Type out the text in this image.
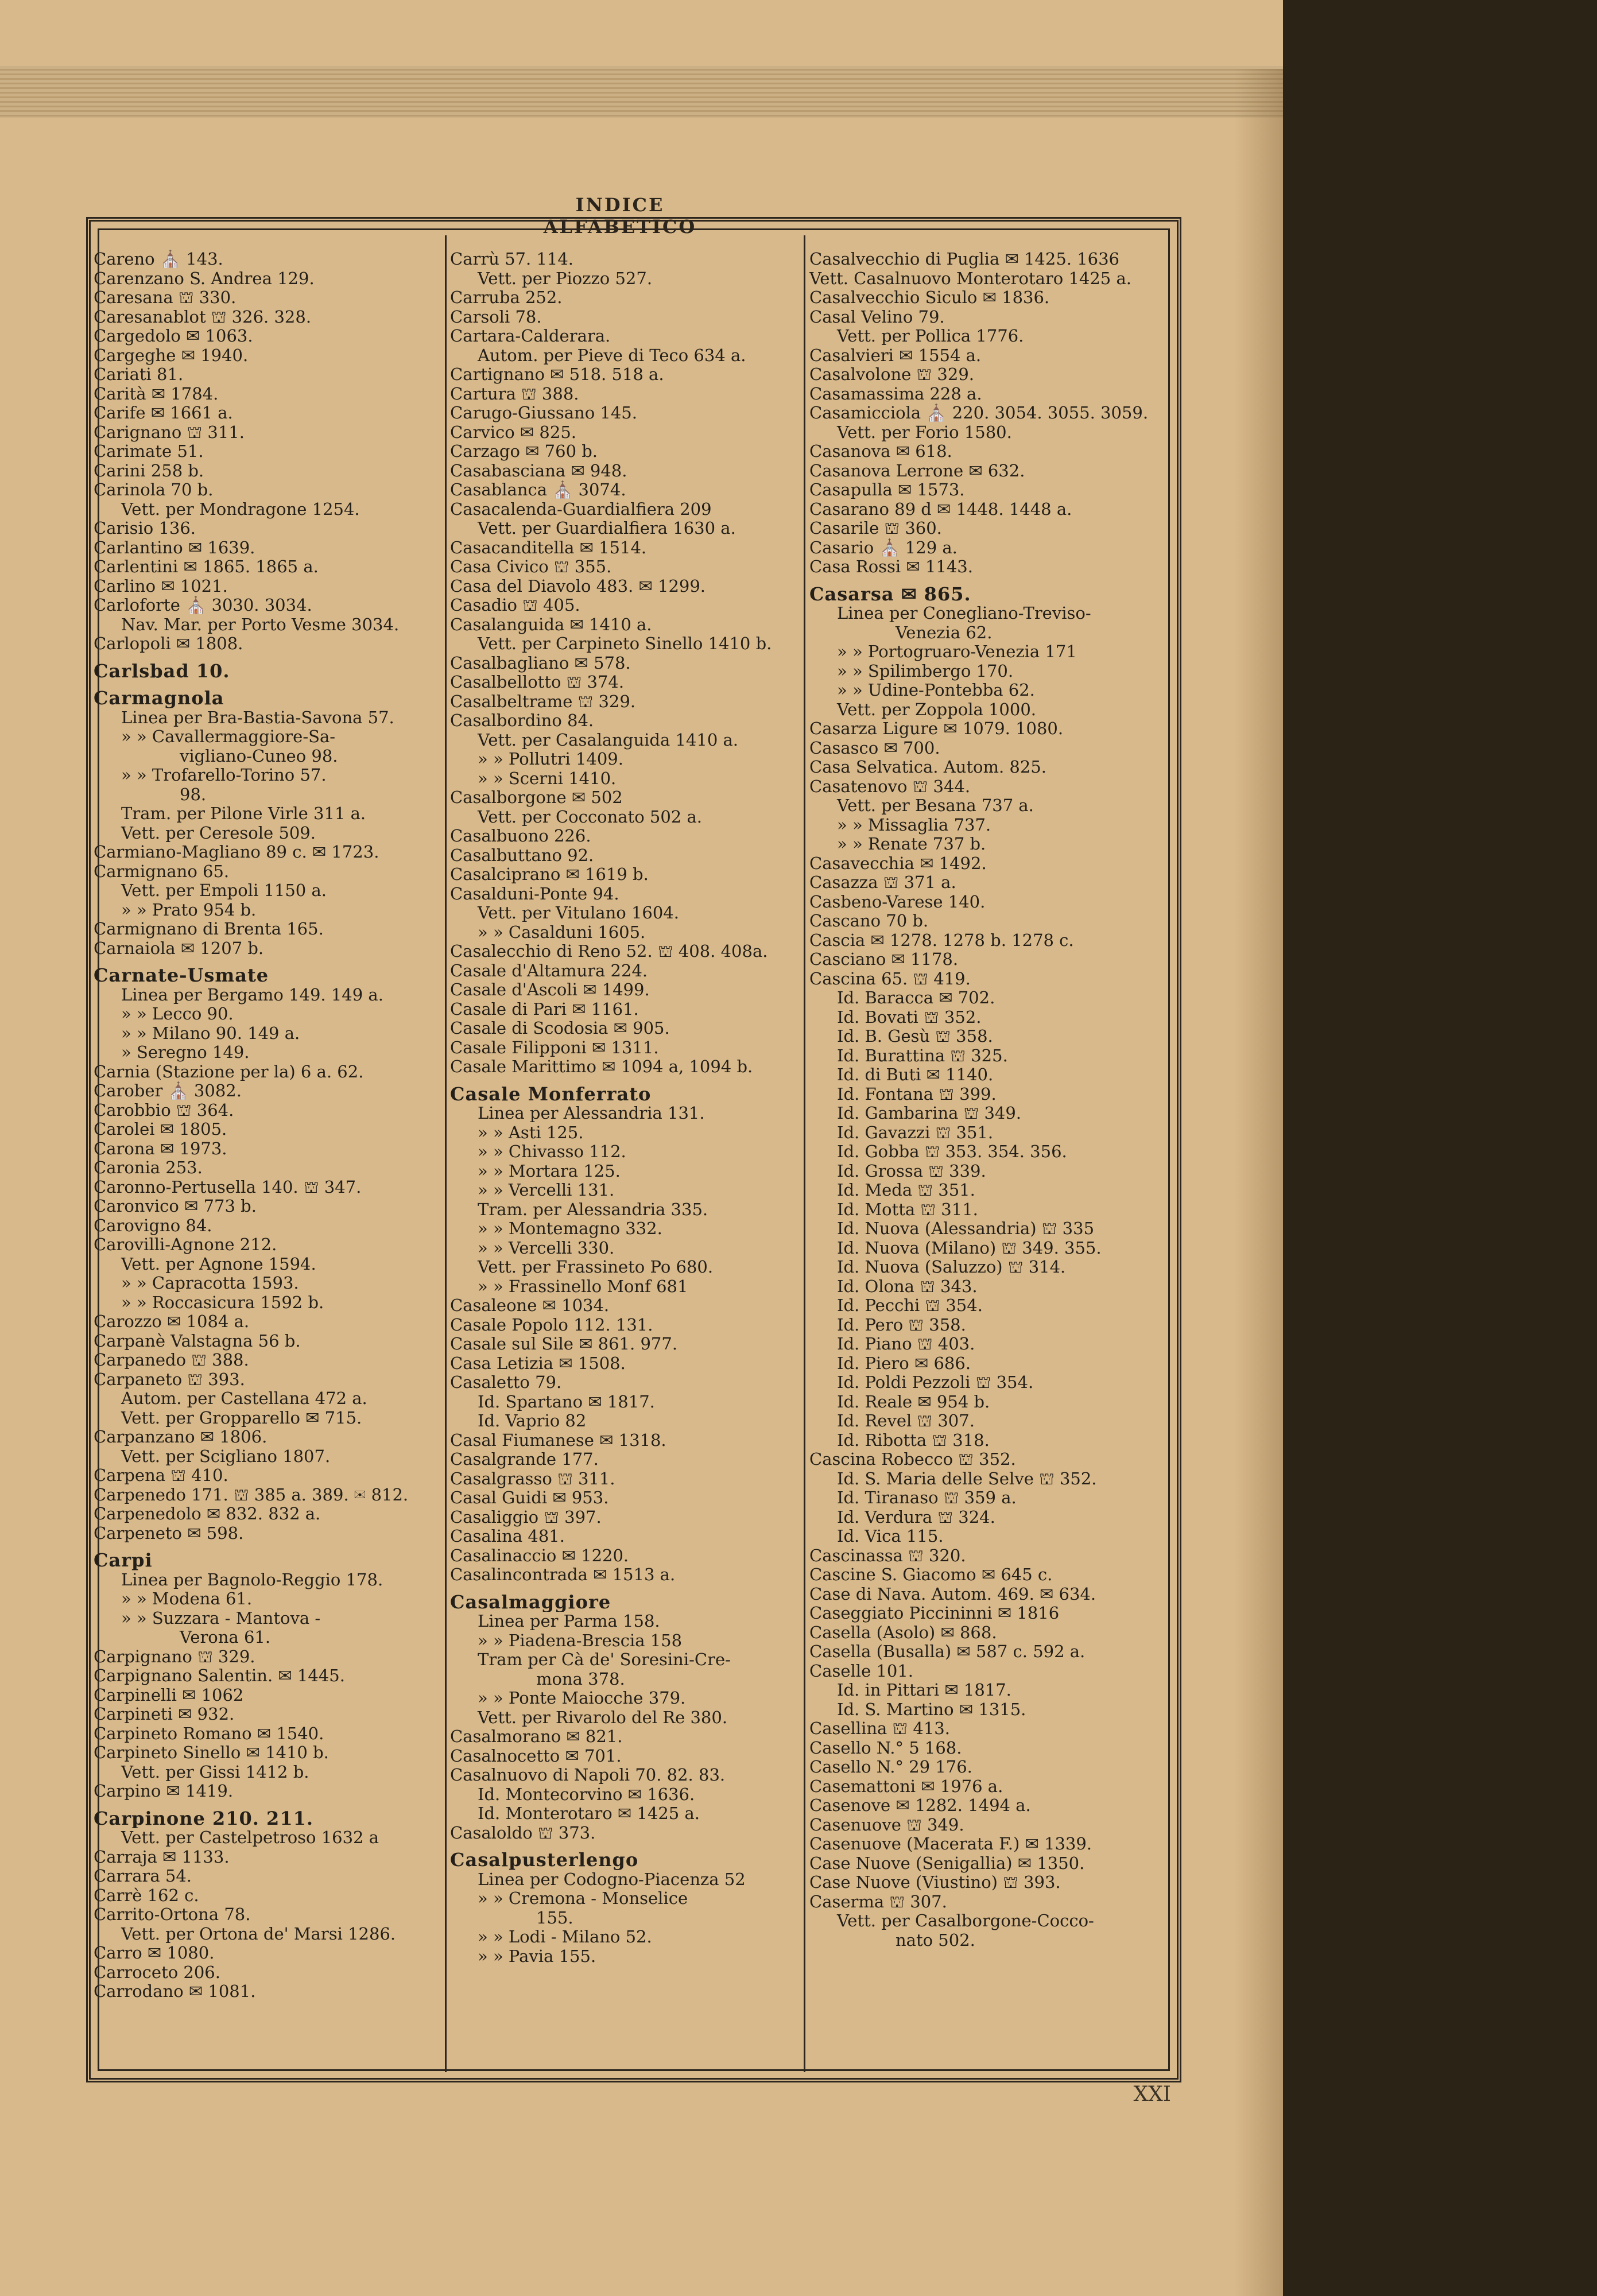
INDICE ALFABETICO
Careno ⛪ 143.
Carenzano S. Andrea 129.
Caresana ⛫ 330.
Caresanablot ⛫ 326. 328.
Cargedolo ✉ 1063.
Cargeghe ✉ 1940.
Cariati 81.
Carità ✉ 1784.
Carife ✉ 1661 a.
Carignano ⛫ 311.
Carimate 51.
Carini 258 b.
Carinola 70 b.
Vett. per Mondragone 1254.
Carisio 136.
Carlantino ✉ 1639.
Carlentini ✉ 1865. 1865 a.
Carlino ✉ 1021.
Carloforte ⛪ 3030. 3034.
Nav. Mar. per Porto Vesme 3034.
Carlopoli ✉ 1808.
Carlsbad 10.
Carmagnola
Linea per Bra-Bastia-Savona 57.
» » Cavallermaggiore-Sa-
vigliano-Cuneo 98.
» » Trofarello-Torino 57.
98.
Tram. per Pilone Virle 311 a.
Vett. per Ceresole 509.
Carmiano-Magliano 89 c. ✉ 1723.
Carmignano 65.
Vett. per Empoli 1150 a.
» » Prato 954 b.
Carmignano di Brenta 165.
Carnaiola ✉ 1207 b.
Carnate-Usmate
Linea per Bergamo 149. 149 a.
» » Lecco 90.
» » Milano 90. 149 a.
» Seregno 149.
Carnia (Stazione per la) 6 a. 62.
Carober ⛪ 3082.
Carobbio ⛫ 364.
Carolei ✉ 1805.
Carona ✉ 1973.
Caronia 253.
Caronno-Pertusella 140. ⛫ 347.
Caronvico ✉ 773 b.
Carovigno 84.
Carovilli-Agnone 212.
Vett. per Agnone 1594.
» » Capracotta 1593.
» » Roccasicura 1592 b.
Carozzo ✉ 1084 a.
Carpanè Valstagna 56 b.
Carpanedo ⛫ 388.
Carpaneto ⛫ 393.
Autom. per Castellana 472 a.
Vett. per Gropparello ✉ 715.
Carpanzano ✉ 1806.
Vett. per Scigliano 1807.
Carpena ⛫ 410.
Carpenedo 171. ⛫ 385 a. 389. ✉ 812.
Carpenedolo ✉ 832. 832 a.
Carpeneto ✉ 598.
Carpi
Linea per Bagnolo-Reggio 178.
» » Modena 61.
» » Suzzara - Mantova -
Verona 61.
Carpignano ⛫ 329.
Carpignano Salentin. ✉ 1445.
Carpinelli ✉ 1062
Carpineti ✉ 932.
Carpineto Romano ✉ 1540.
Carpineto Sinello ✉ 1410 b.
Vett. per Gissi 1412 b.
Carpino ✉ 1419.
Carpinone 210. 211.
Vett. per Castelpetroso 1632 a
Carraja ✉ 1133.
Carrara 54.
Carrè 162 c.
Carrito-Ortona 78.
Vett. per Ortona de' Marsi 1286.
Carro ✉ 1080.
Carroceto 206.
Carrodano ✉ 1081.
Carrù 57. 114.
Vett. per Piozzo 527.
Carruba 252.
Carsoli 78.
Cartara-Calderara.
Autom. per Pieve di Teco 634 a.
Cartignano ✉ 518. 518 a.
Cartura ⛫ 388.
Carugo-Giussano 145.
Carvico ✉ 825.
Carzago ✉ 760 b.
Casabasciana ✉ 948.
Casablanca ⛪ 3074.
Casacalenda-Guardialfiera 209
Vett. per Guardialfiera 1630 a.
Casacanditella ✉ 1514.
Casa Civico ⛫ 355.
Casa del Diavolo 483. ✉ 1299.
Casadio ⛫ 405.
Casalanguida ✉ 1410 a.
Vett. per Carpineto Sinello 1410 b.
Casalbagliano ✉ 578.
Casalbellotto ⛫ 374.
Casalbeltrame ⛫ 329.
Casalbordino 84.
Vett. per Casalanguida 1410 a.
» » Pollutri 1409.
» » Scerni 1410.
Casalborgone ✉ 502
Vett. per Cocconato 502 a.
Casalbuono 226.
Casalbuttano 92.
Casalciprano ✉ 1619 b.
Casalduni-Ponte 94.
Vett. per Vitulano 1604.
» » Casalduni 1605.
Casalecchio di Reno 52. ⛫ 408. 408a.
Casale d'Altamura 224.
Casale d'Ascoli ✉ 1499.
Casale di Pari ✉ 1161.
Casale di Scodosia ✉ 905.
Casale Filipponi ✉ 1311.
Casale Marittimo ✉ 1094 a, 1094 b.
Casale Monferrato
Linea per Alessandria 131.
» » Asti 125.
» » Chivasso 112.
» » Mortara 125.
» » Vercelli 131.
Tram. per Alessandria 335.
» » Montemagno 332.
» » Vercelli 330.
Vett. per Frassineto Po 680.
» » Frassinello Monf 681
Casaleone ✉ 1034.
Casale Popolo 112. 131.
Casale sul Sile ✉ 861. 977.
Casa Letizia ✉ 1508.
Casaletto 79.
Id. Spartano ✉ 1817.
Id. Vaprio 82
Casal Fiumanese ✉ 1318.
Casalgrande 177.
Casalgrasso ⛫ 311.
Casal Guidi ✉ 953.
Casaliggio ⛫ 397.
Casalina 481.
Casalinaccio ✉ 1220.
Casalincontrada ✉ 1513 a.
Casalmaggiore
Linea per Parma 158.
» » Piadena-Brescia 158
Tram per Cà de' Soresini-Cre-
mona 378.
» » Ponte Maiocche 379.
Vett. per Rivarolo del Re 380.
Casalmorano ✉ 821.
Casalnocetto ✉ 701.
Casalnuovo di Napoli 70. 82. 83.
Id. Montecorvino ✉ 1636.
Id. Monterotaro ✉ 1425 a.
Casaloldo ⛫ 373.
Casalpusterlengo
Linea per Codogno-Piacenza 52
» » Cremona - Monselice
155.
» » Lodi - Milano 52.
» » Pavia 155.
Casalvecchio di Puglia ✉ 1425. 1636
Vett. Casalnuovo Monterotaro 1425 a.
Casalvecchio Siculo ✉ 1836.
Casal Velino 79.
Vett. per Pollica 1776.
Casalvieri ✉ 1554 a.
Casalvolone ⛫ 329.
Casamassima 228 a.
Casamicciola ⛪ 220. 3054. 3055. 3059.
Vett. per Forio 1580.
Casanova ✉ 618.
Casanova Lerrone ✉ 632.
Casapulla ✉ 1573.
Casarano 89 d ✉ 1448. 1448 a.
Casarile ⛫ 360.
Casario ⛪ 129 a.
Casa Rossi ✉ 1143.
Casarsa ✉ 865.
Linea per Conegliano-Treviso-
Venezia 62.
» » Portogruaro-Venezia 171
» » Spilimbergo 170.
» » Udine-Pontebba 62.
Vett. per Zoppola 1000.
Casarza Ligure ✉ 1079. 1080.
Casasco ✉ 700.
Casa Selvatica. Autom. 825.
Casatenovo ⛫ 344.
Vett. per Besana 737 a.
» » Missaglia 737.
» » Renate 737 b.
Casavecchia ✉ 1492.
Casazza ⛫ 371 a.
Casbeno-Varese 140.
Cascano 70 b.
Cascia ✉ 1278. 1278 b. 1278 c.
Casciano ✉ 1178.
Cascina 65. ⛫ 419.
Id. Baracca ✉ 702.
Id. Bovati ⛫ 352.
Id. B. Gesù ⛫ 358.
Id. Burattina ⛫ 325.
Id. di Buti ✉ 1140.
Id. Fontana ⛫ 399.
Id. Gambarina ⛫ 349.
Id. Gavazzi ⛫ 351.
Id. Gobba ⛫ 353. 354. 356.
Id. Grossa ⛫ 339.
Id. Meda ⛫ 351.
Id. Motta ⛫ 311.
Id. Nuova (Alessandria) ⛫ 335
Id. Nuova (Milano) ⛫ 349. 355.
Id. Nuova (Saluzzo) ⛫ 314.
Id. Olona ⛫ 343.
Id. Pecchi ⛫ 354.
Id. Pero ⛫ 358.
Id. Piano ⛫ 403.
Id. Piero ✉ 686.
Id. Poldi Pezzoli ⛫ 354.
Id. Reale ✉ 954 b.
Id. Revel ⛫ 307.
Id. Ribotta ⛫ 318.
Cascina Robecco ⛫ 352.
Id. S. Maria delle Selve ⛫ 352.
Id. Tiranaso ⛫ 359 a.
Id. Verdura ⛫ 324.
Id. Vica 115.
Cascinassa ⛫ 320.
Cascine S. Giacomo ✉ 645 c.
Case di Nava. Autom. 469. ✉ 634.
Caseggiato Piccininni ✉ 1816
Casella (Asolo) ✉ 868.
Casella (Busalla) ✉ 587 c. 592 a.
Caselle 101.
Id. in Pittari ✉ 1817.
Id. S. Martino ✉ 1315.
Casellina ⛫ 413.
Casello N.° 5 168.
Casello N.° 29 176.
Casemattoni ✉ 1976 a.
Casenove ✉ 1282. 1494 a.
Casenuove ⛫ 349.
Casenuove (Macerata F.) ✉ 1339.
Case Nuove (Senigallia) ✉ 1350.
Case Nuove (Viustino) ⛫ 393.
Caserma ⛫ 307.
Vett. per Casalborgone-Cocco-
nato 502.
XXI
